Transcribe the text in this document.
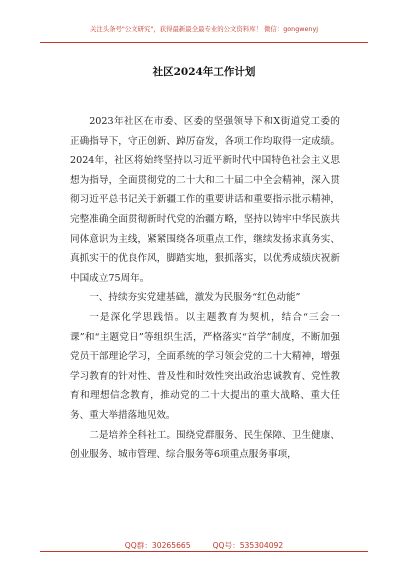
关注头条号"公文研究"，获得最新最全最专业的公文资料库！ 微信：gongwenyj
社区2024年工作计划

2023年社区在市委、区委的坚强领导下和X街道党工委的正确指导下，守正创新、踔厉奋发，各项工作均取得一定成绩。2024年，社区将始终坚持以习近平新时代中国特色社会主义思想为指导，全面贯彻党的二十大和二十届二中全会精神，深入贯彻习近平总书记关于新疆工作的重要讲话和重要指示批示精神，完整准确全面贯彻新时代党的治疆方略，坚持以铸牢中华民族共同体意识为主线，紧紧围绕各项重点工作，继续发扬求真务实、真抓实干的优良作风，脚踏实地，狠抓落实，以优秀成绩庆祝新中国成立75周年。

一、持续夯实党建基础，激发为民服务“红色动能”

一是深化学思践悟。以主题教育为契机，结合“三会一课”和“主题党日”等组织生活，严格落实“首学”制度，不断加强党员干部理论学习，全面系统的学习领会党的二十大精神，增强学习教育的针对性、普及性和时效性突出政治忠诚教育、党性教育和理想信念教育，推动党的二十大提出的重大战略、重大任务、重大举措落地见效。

二是培养全科社工。围绕党群服务、民生保障、卫生健康、创业服务、城市管理、综合服务等6项重点服务事项，

QQ群：30265665	QQ号：535304092
